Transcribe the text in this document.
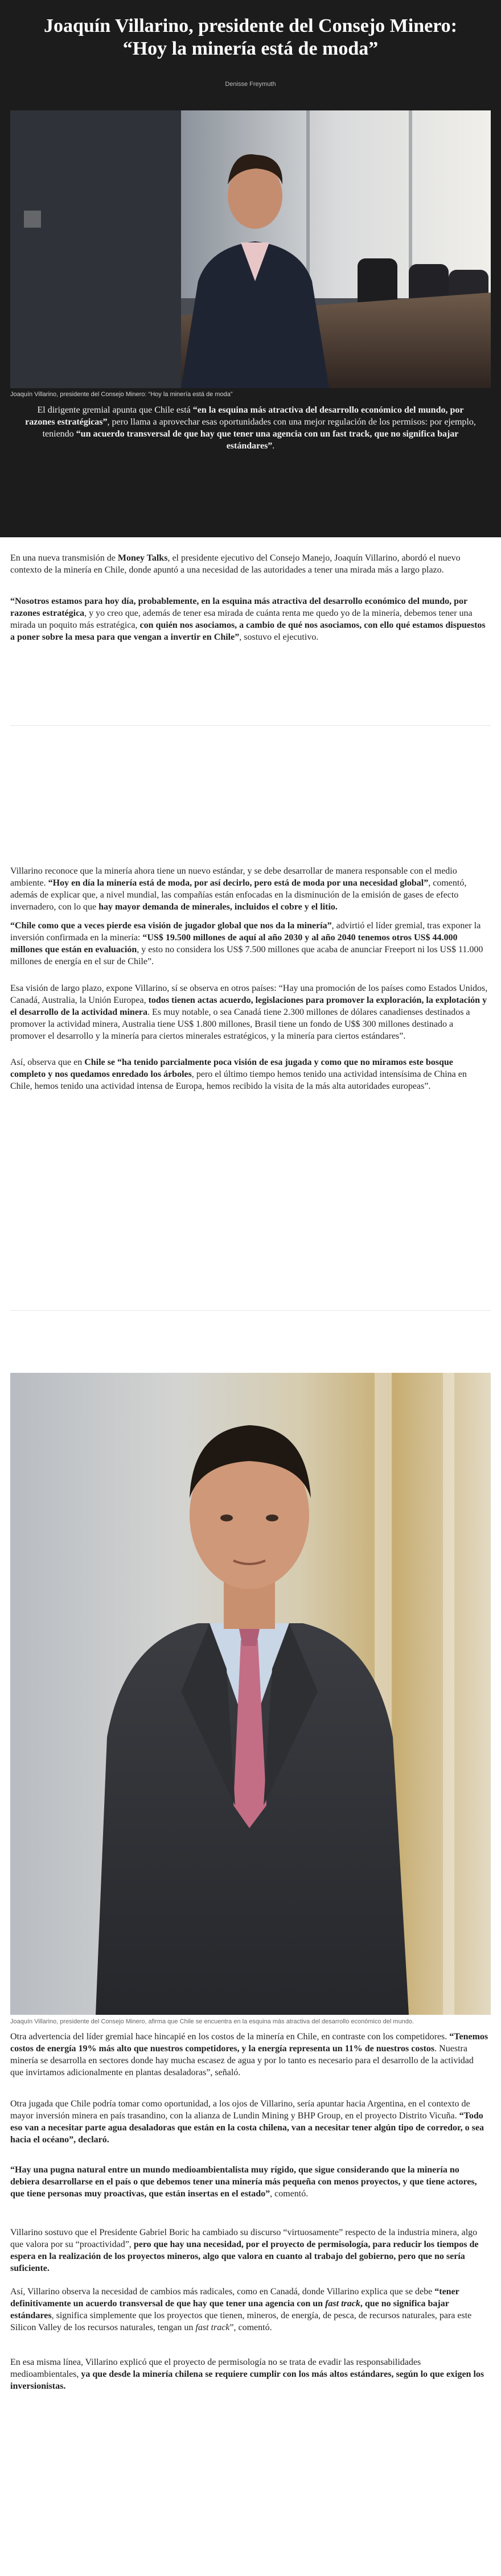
Joaquín Villarino, presidente del Consejo Minero: “Hoy la minería está de moda”
Denisse Freymuth
Joaquín Villarino, presidente del Consejo Minero: “Hoy la minería está de moda”

El dirigente gremial apunta que Chile está “en la esquina más atractiva del desarrollo económico del mundo, por razones estratégicas”, pero llama a aprovechar esas oportunidades con una mejor regulación de los permisos: por ejemplo, teniendo “un acuerdo transversal de que hay que tener una agencia con un fast track, que no significa bajar estándares”.

En una nueva transmisión de Money Talks, el presidente ejecutivo del Consejo Manejo, Joaquín Villarino, abordó el nuevo contexto de la minería en Chile, donde apuntó a una necesidad de las autoridades a tener una mirada más a largo plazo.

“Nosotros estamos para hoy día, probablemente, en la esquina más atractiva del desarrollo económico del mundo, por razones estratégica, y yo creo que, además de tener esa mirada de cuánta renta me quedo yo de la minería, debemos tener una mirada un poquito más estratégica, con quién nos asociamos, a cambio de qué nos asociamos, con ello qué estamos dispuestos a poner sobre la mesa para que vengan a invertir en Chile”, sostuvo el ejecutivo.

Villarino reconoce que la minería ahora tiene un nuevo estándar, y se debe desarrollar de manera responsable con el medio ambiente. “Hoy en día la minería está de moda, por así decirlo, pero está de moda por una necesidad global”, comentó, además de explicar que, a nivel mundial, las compañías están enfocadas en la disminución de la emisión de gases de efecto invernadero, con lo que hay mayor demanda de minerales, incluidos el cobre y el litio.

“Chile como que a veces pierde esa visión de jugador global que nos da la minería”, advirtió el líder gremial, tras exponer la inversión confirmada en la minería: “US$ 19.500 millones de aquí al año 2030 y al año 2040 tenemos otros US$ 44.000 millones que están en evaluación, y esto no considera los US$ 7.500 millones que acaba de anunciar Freeport ni los US$ 11.000 millones de energía en el sur de Chile”.

Esa visión de largo plazo, expone Villarino, sí se observa en otros países: “Hay una promoción de los países como Estados Unidos, Canadá, Australia, la Unión Europea, todos tienen actas acuerdo, legislaciones para promover la exploración, la explotación y el desarrollo de la actividad minera. Es muy notable, o sea Canadá tiene 2.300 millones de dólares canadienses destinados a promover la actividad minera, Australia tiene US$ 1.800 millones, Brasil tiene un fondo de U$$ 300 millones destinado a promover el desarrollo y la minería para ciertos minerales estratégicos, y la minería para ciertos estándares”.

Así, observa que en Chile se “ha tenido parcialmente poca visión de esa jugada y como que no miramos este bosque completo y nos quedamos enredado los árboles, pero el último tiempo hemos tenido una actividad intensísima de China en Chile, hemos tenido una actividad intensa de Europa, hemos recibido la visita de la más alta autoridades europeas”.

Joaquín Villarino, presidente del Consejo Minero, afirma que Chile se encuentra en la esquina más atractiva del desarrollo económico del mundo.

Otra advertencia del líder gremial hace hincapié en los costos de la minería en Chile, en contraste con los competidores. “Tenemos costos de energía 19% más alto que nuestros competidores, y la energía representa un 11% de nuestros costos. Nuestra minería se desarrolla en sectores donde hay mucha escasez de agua y por lo tanto es necesario para el desarrollo de la actividad que invirtamos adicionalmente en plantas desaladoras”, señaló.

Otra jugada que Chile podría tomar como oportunidad, a los ojos de Villarino, sería apuntar hacia Argentina, en el contexto de mayor inversión minera en país trasandino, con la alianza de Lundin Mining y BHP Group, en el proyecto Distrito Vicuña. “Todo eso van a necesitar parte agua desaladoras que están en la costa chilena, van a necesitar tener algún tipo de corredor, o sea hacia el océano”, declaró.

“Hay una pugna natural entre un mundo medioambientalista muy rígido, que sigue considerando que la minería no debiera desarrollarse en el país o que debemos tener una minería más pequeña con menos proyectos, y que tiene actores, que tiene personas muy proactivas, que están insertas en el estado”, comentó.

Villarino sostuvo que el Presidente Gabriel Boric ha cambiado su discurso “virtuosamente” respecto de la industria minera, algo que valora por su “proactividad”, pero que hay una necesidad, por el proyecto de permisología, para reducir los tiempos de espera en la realización de los proyectos mineros, algo que valora en cuanto al trabajo del gobierno, pero que no sería suficiente.

Así, Villarino observa la necesidad de cambios más radicales, como en Canadá, donde Villarino explica que se debe “tener definitivamente un acuerdo transversal de que hay que tener una agencia con un fast track, que no significa bajar estándares, significa simplemente que los proyectos que tienen, mineros, de energía, de pesca, de recursos naturales, para este Silicon Valley de los recursos naturales, tengan un fast track”, comentó.

En esa misma línea, Villarino explicó que el proyecto de permisología no se trata de evadir las responsabilidades medioambientales, ya que desde la minería chilena se requiere cumplir con los más altos estándares, según lo que exigen los inversionistas.
